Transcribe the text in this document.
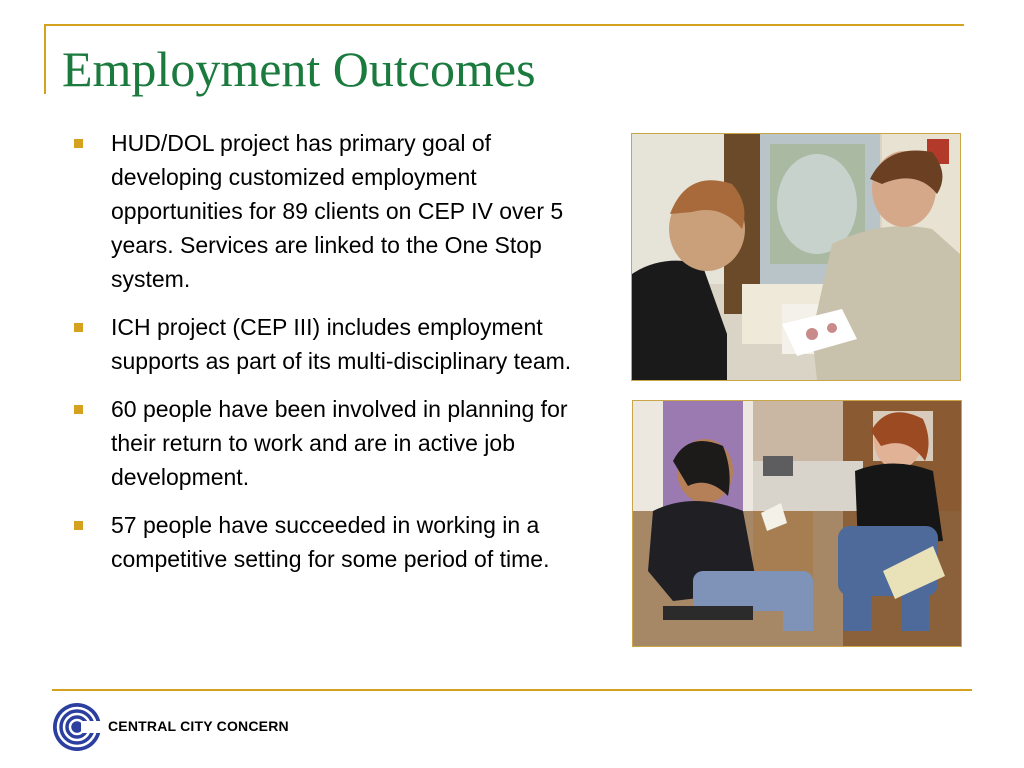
Employment Outcomes
HUD/DOL project has primary goal of developing customized employment opportunities for 89 clients on CEP IV over 5 years. Services are linked to the One Stop system.
ICH project (CEP III) includes employment supports as part of its multi-disciplinary team.
60 people have been involved in planning for their return to work and are in active job development.
57 people have succeeded in working in a competitive setting for some period of time.
CENTRAL CITY CONCERN
